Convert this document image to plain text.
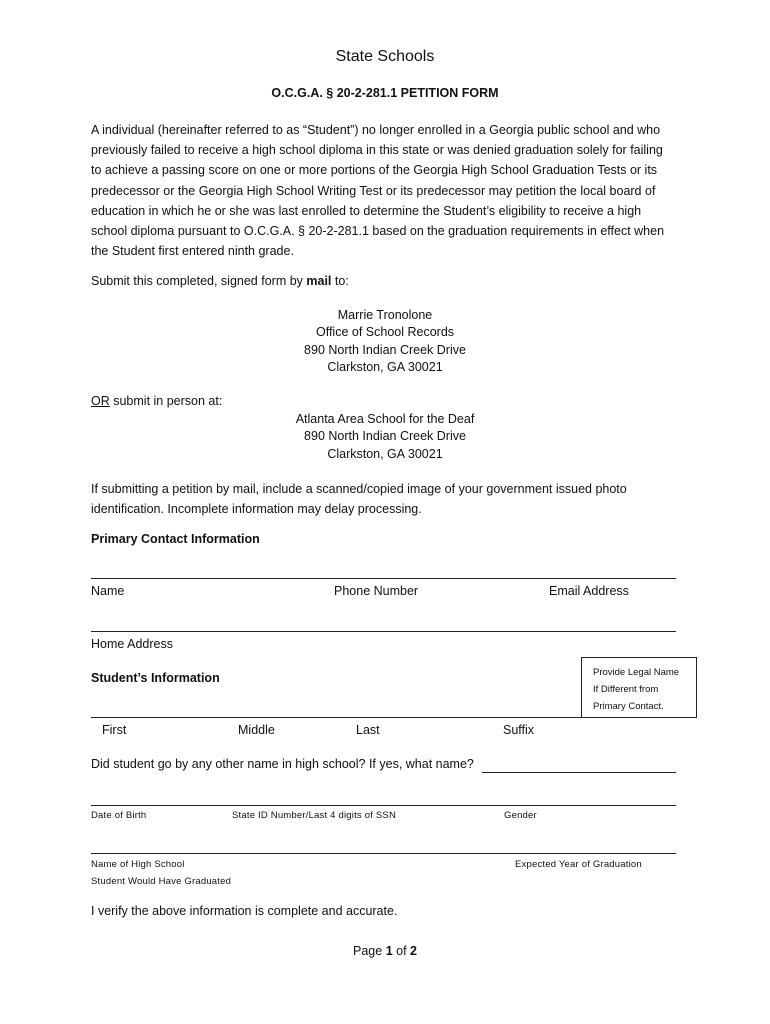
State Schools
O.C.G.A. § 20-2-281.1 PETITION FORM
A individual (hereinafter referred to as “Student”) no longer enrolled in a Georgia public school and who
previously failed to receive a high school diploma in this state or was denied graduation solely for failing
to achieve a passing score on one or more portions of the Georgia High School Graduation Tests or its
predecessor or the Georgia High School Writing Test or its predecessor may petition the local board of
education in which he or she was last enrolled to determine the Student’s eligibility to receive a high
school diploma pursuant to O.C.G.A. § 20-2-281.1 based on the graduation requirements in effect when
the Student first entered ninth grade.
Submit this completed, signed form by mail to:
Marrie Tronolone
Office of School Records
890 North Indian Creek Drive
Clarkston, GA 30021
OR submit in person at:
Atlanta Area School for the Deaf
890 North Indian Creek Drive
Clarkston, GA 30021
If submitting a petition by mail, include a scanned/copied image of your government issued photo
identification. Incomplete information may delay processing.
Primary Contact Information
Name	Phone Number	Email Address
Home Address
Student’s Information	Provide Legal Name
If Different from
Primary Contact.
First	Middle	Last	Suffix
Did student go by any other name in high school? If yes, what name?
Date of Birth	State ID Number/Last 4 digits of SSN	Gender
Name of High School	Expected Year of Graduation
Student Would Have Graduated
I verify the above information is complete and accurate.
Page 1 of 2
